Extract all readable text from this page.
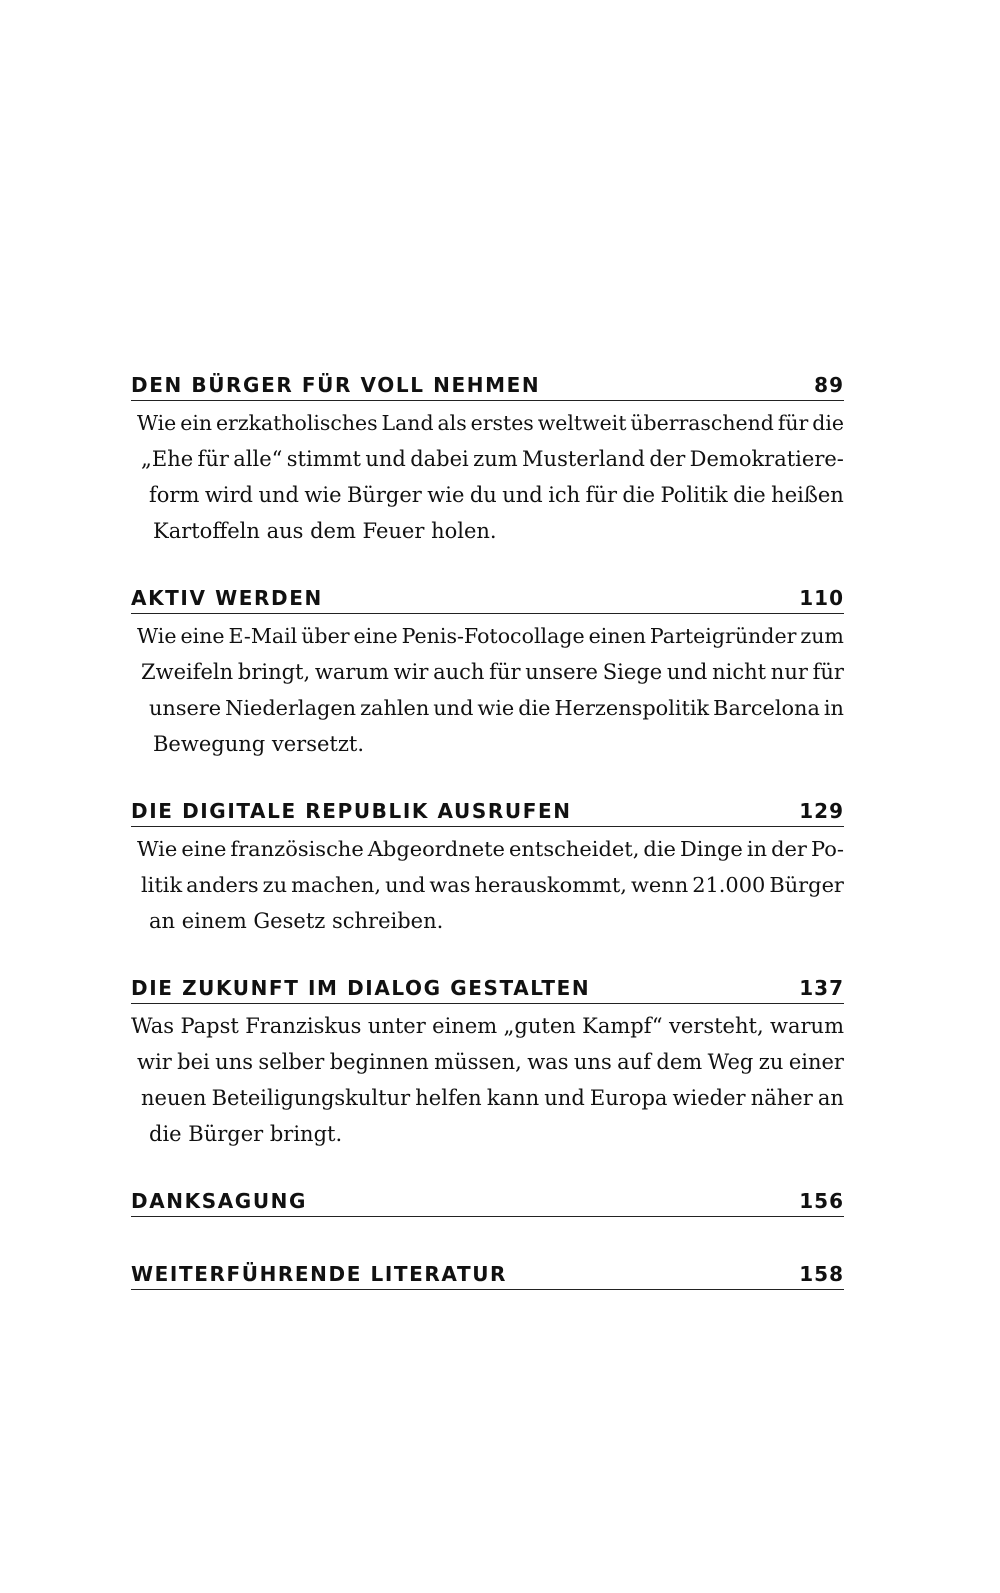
DEN BÜRGER FÜR VOLL NEHMEN	89
Wie ein erzkatholisches Land als erstes weltweit überraschend für die
„Ehe für alle“ stimmt und dabei zum Musterland der Demokratiere-
form wird und wie Bürger wie du und ich für die Politik die heißen
Kartoffeln aus dem Feuer holen.
AKTIV WERDEN	110
Wie eine E-Mail über eine Penis-Fotocollage einen Parteigründer zum
Zweifeln bringt, warum wir auch für unsere Siege und nicht nur für
unsere Niederlagen zahlen und wie die Herzenspolitik Barcelona in
Bewegung versetzt.
DIE DIGITALE REPUBLIK AUSRUFEN	129
Wie eine französische Abgeordnete entscheidet, die Dinge in der Po-
litik anders zu machen, und was herauskommt, wenn 21.000 Bürger
an einem Gesetz schreiben.
DIE ZUKUNFT IM DIALOG GESTALTEN	137
Was Papst Franziskus unter einem „guten Kampf“ versteht, warum
wir bei uns selber beginnen müssen, was uns auf dem Weg zu einer
neuen Beteiligungskultur helfen kann und Europa wieder näher an
die Bürger bringt.
DANKSAGUNG	156
WEITERFÜHRENDE LITERATUR	158
